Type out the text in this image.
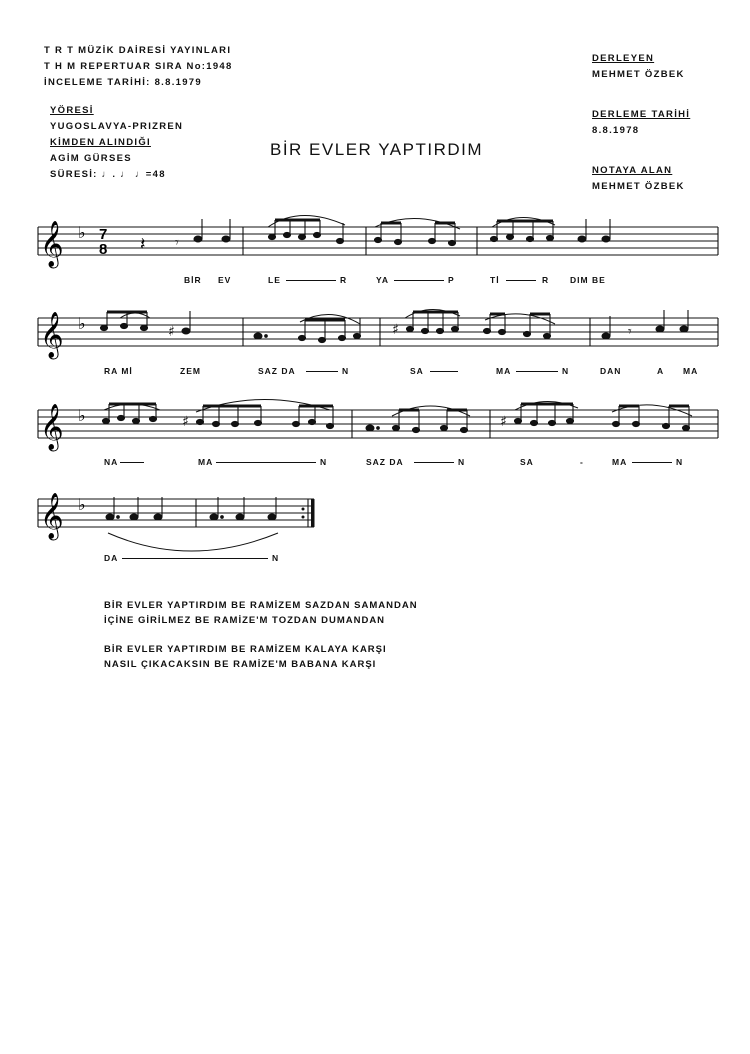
T R T MÜZİK DAİRESİ YAYINLARI
T H M REPERTUAR SIRA No:1948
İNCELEME TARİHİ: 8.8.1979
YÖRESİ
YUGOSLAVYA-PRIZREN
KİMDEN ALINDIĞI
AGİM GÜRSES
SÜRESİ: ♩. ♩ ♩=48
DERLEYEN
MEHMET ÖZBEK
DERLEME TARİHİ
8.8.1978
NOTAYA ALAN
MEHMET ÖZBEK
BİR EVLER YAPTIRDIM
𝄞 ♭ 7
8 𝄽 𝄾
BİR EV	LE	R	YA	P	Tİ	R DIM BE
𝄞 ♭	♯	♯	𝄾
RA Mİ	ZEM	SAZ DA	N	SA	MA	N	DAN	A MA
𝄞 ♭	♯	♯
NA	MA	N	SAZ DA	N	SA	-	MA	N
𝄞 ♭
DA	N

BİR EVLER YAPTIRDIM BE RAMİZEM SAZDAN SAMANDAN

İÇİNE GİRİLMEZ BE RAMİZE'M TOZDAN DUMANDAN

BİR EVLER YAPTIRDIM BE RAMİZEM KALAYA KARŞI

NASIL ÇIKACAKSIN BE RAMİZE'M BABANA KARŞI
